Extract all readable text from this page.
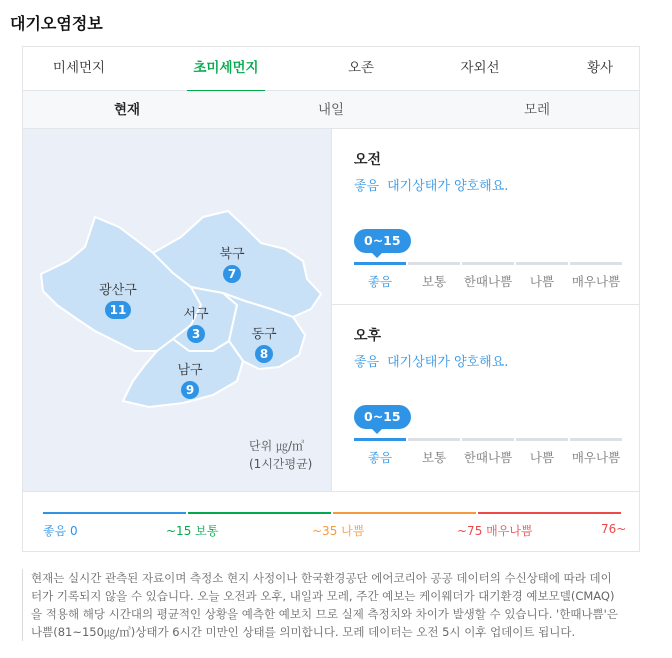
대기오염정보
미세먼지	초미세먼지	오존	자외선	황사
현재	내일	모레
광산구
11
북구
7
서구
3	동구
8
남구
9
단위 ㎍/㎥
(1시간평균)
오전
좋음 대기상태가 양호해요.
0~15
좋음	보통	한때나쁨	나쁨	매우나쁨
오후
좋음 대기상태가 양호해요.
0~15
좋음	보통	한때나쁨	나쁨	매우나쁨
좋음 0	~15 보통	~35 나쁨	~75 매우나쁨	76~
현재는 실시간 관측된 자료이며 측정소 현지 사정이나 한국환경공단 에어코리아 공공 데이터의 수신상태에 따라 데이터가 기록되지 않을 수 있습니다. 오늘 오전과 오후, 내일과 모레, 주간 예보는 케이웨더가 대기환경 예보모델(CMAQ)을 적용해 해당 시간대의 평균적인 상황을 예측한 예보치 므로 실제 측정치와 차이가 발생할 수 있습니다. '한때나쁨'은 나쁨(81~150㎍/㎥)상태가 6시간 미만인 상태를 의미합니다. 모레 데이터는 오전 5시 이후 업데이트 됩니다.
